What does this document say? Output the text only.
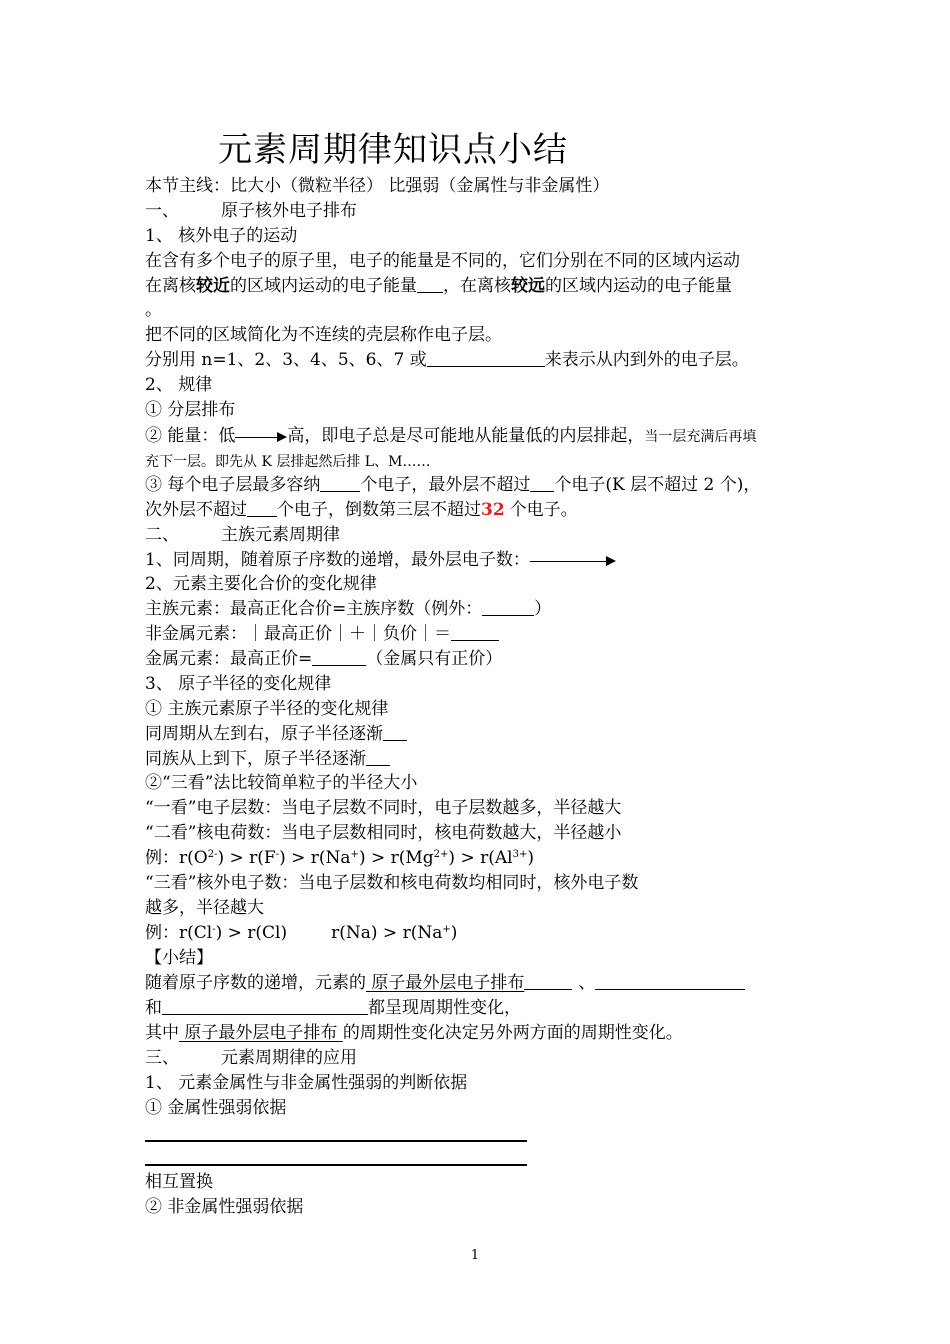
元素周期律知识点小结
本节主线：比大小（微粒半径） 比强弱（金属性与非金属性）
一、 原子核外电子排布
1、 核外电子的运动
在含有多个电子的原子里，电子的能量是不同的，它们分别在不同的区域内运动
在离核较近的区域内运动的电子能量 ，在离核较远的区域内运动的电子能量
。
把不同的区域简化为不连续的壳层称作电子层。
分别用 n=1、2、3、4、5、6、7 或	来表示从内到外的电子层。
2、 规律
① 分层排布
② 能量：低	高，即电子总是尽可能地从能量低的内层排起，当一层充满后再填
充下一层。即先从 K 层排起然后排 L、M……
③ 每个电子层最多容纳 个电子，最外层不超过 个电子(K 层不超过 2 个)，
次外层不超过 个电子，倒数第三层不超过32 个电子。
二、 主族元素周期律
1、同周期，随着原子序数的递增，最外层电子数：
2、元素主要化合价的变化规律
主族元素：最高正化合价=主族序数（例外：	）
非金属元素：｜最高正价｜＋｜负价｜＝
金属元素：最高正价=	（金属只有正价）
3、 原子半径的变化规律
① 主族元素原子半径的变化规律
同周期从左到右，原子半径逐渐
同族从上到下，原子半径逐渐
②“三看”法比较简单粒子的半径大小
“一看”电子层数：当电子层数不同时，电子层数越多，半径越大
“二看”核电荷数：当电子层数相同时，核电荷数越大，半径越小
例：$r(O^{2-}) > r(F^-) > r(Na^+) > r(Mg^{2+}) > r(Al^{3+})$
“三看”核外电子数：当电子层数和核电荷数均相同时，核外电子数
越多，半径越大
例：r(Cl-) > r(Cl)	r(Na) > r(Na+)
【小结】
随着原子序数的递增，元素的 原子最外层电子排布	、
和	都呈现周期性变化，
其中 原子最外层电子排布 的周期性变化决定另外两方面的周期性变化。
三、 元素周期律的应用
1、 元素金属性与非金属性强弱的判断依据
① 金属性强弱依据
相互置换
② 非金属性强弱依据
1
